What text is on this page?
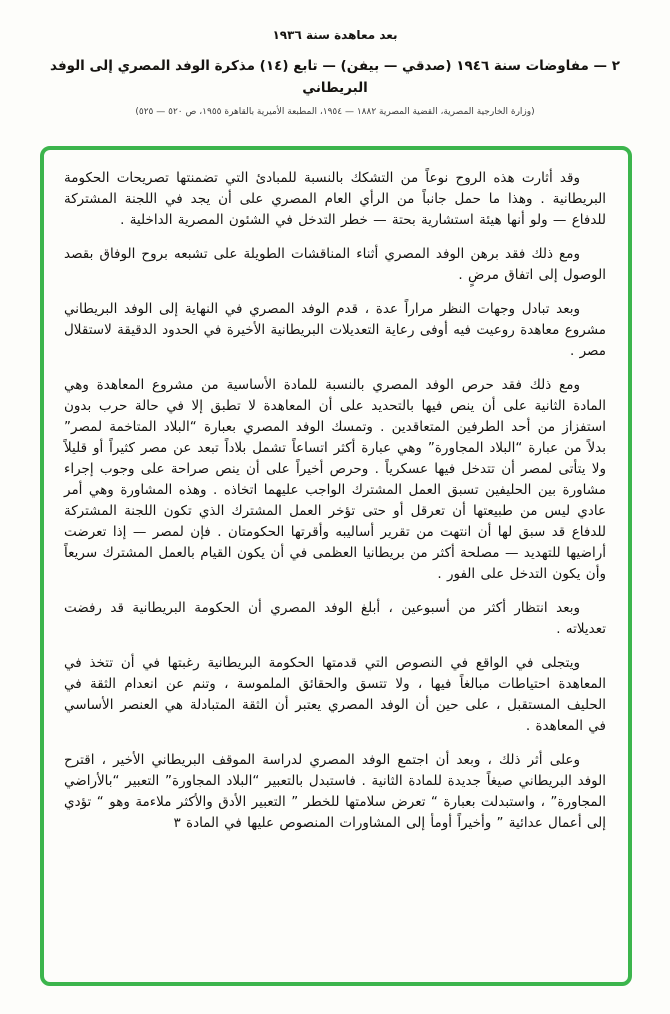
بعد معاهدة سنة ١٩٣٦
٢ — مفاوضات سنة ١٩٤٦ (صدقي — بيفن) — تابع (١٤) مذكرة الوفد المصري إلى الوفد البريطاني
(وزارة الخارجية المصرية، القضية المصرية ١٨٨٢ — ١٩٥٤، المطبعة الأميرية بالقاهرة ١٩٥٥، ص ٥٢٠ — ٥٢٥)

وقد أثارت هذه الروح نوعاً من التشكك بالنسبة للمبادئ التي تضمنتها تصريحات الحكومة البريطانية . وهذا ما حمل جانباً من الرأي العام المصري على أن يجد في اللجنة المشتركة للدفاع — ولو أنها هيئة استشارية بحتة — خطر التدخل في الشئون المصرية الداخلية .

ومع ذلك فقد برهن الوفد المصري أثناء المناقشات الطويلة على تشبعه بروح الوفاق بقصد الوصول إلى اتفاق مرضٍ .

وبعد تبادل وجهات النظر مراراً عدة ، قدم الوفد المصري في النهاية إلى الوفد البريطاني مشروع معاهدة روعيت فيه أوفى رعاية التعديلات البريطانية الأخيرة في الحدود الدقيقة لاستقلال مصر .

ومع ذلك فقد حرص الوفد المصري بالنسبة للمادة الأساسية من مشروع المعاهدة وهي المادة الثانية على أن ينص فيها بالتحديد على أن المعاهدة لا تطبق إلا في حالة حرب بدون استفزاز من أحد الطرفين المتعاقدين . وتمسك الوفد المصري بعبارة “البلاد المتاخمة لمصر” بدلاً من عبارة “البلاد المجاورة” وهي عبارة أكثر اتساعاً تشمل بلاداً تبعد عن مصر كثيراً أو قليلاً ولا يتأتى لمصر أن تتدخل فيها عسكرياً . وحرص أخيراً على أن ينص صراحة على وجوب إجراء مشاورة بين الحليفين تسبق العمل المشترك الواجب عليهما اتخاذه . وهذه المشاورة وهي أمر عادي ليس من طبيعتها أن تعرقل أو حتى تؤخر العمل المشترك الذي تكون اللجنة المشتركة للدفاع قد سبق لها أن انتهت من تقرير أساليبه وأقرتها الحكومتان . فإن لمصر — إذا تعرضت أراضيها للتهديد — مصلحة أكثر من بريطانيا العظمى في أن يكون القيام بالعمل المشترك سريعاً وأن يكون التدخل على الفور .

وبعد انتظار أكثر من أسبوعين ، أبلغ الوفد المصري أن الحكومة البريطانية قد رفضت تعديلاته .

ويتجلى في الواقع في النصوص التي قدمتها الحكومة البريطانية رغبتها في أن تتخذ في المعاهدة احتياطات مبالغاً فيها ، ولا تتسق والحقائق الملموسة ، وتنم عن انعدام الثقة في الحليف المستقبل ، على حين أن الوفد المصري يعتبر أن الثقة المتبادلة هي العنصر الأساسي في المعاهدة .

وعلى أثر ذلك ، وبعد أن اجتمع الوفد المصري لدراسة الموقف البريطاني الأخير ، اقترح الوفد البريطاني صيغاً جديدة للمادة الثانية . فاستبدل بالتعبير “البلاد المجاورة” التعبير “بالأراضي المجاورة” ، واستبدلت بعبارة “ تعرض سلامتها للخطر ” التعبير الأدق والأكثر ملاءمة وهو “ تؤدي إلى أعمال عدائية ” وأخيراً أومأ إلى المشاورات المنصوص عليها في المادة ٣
